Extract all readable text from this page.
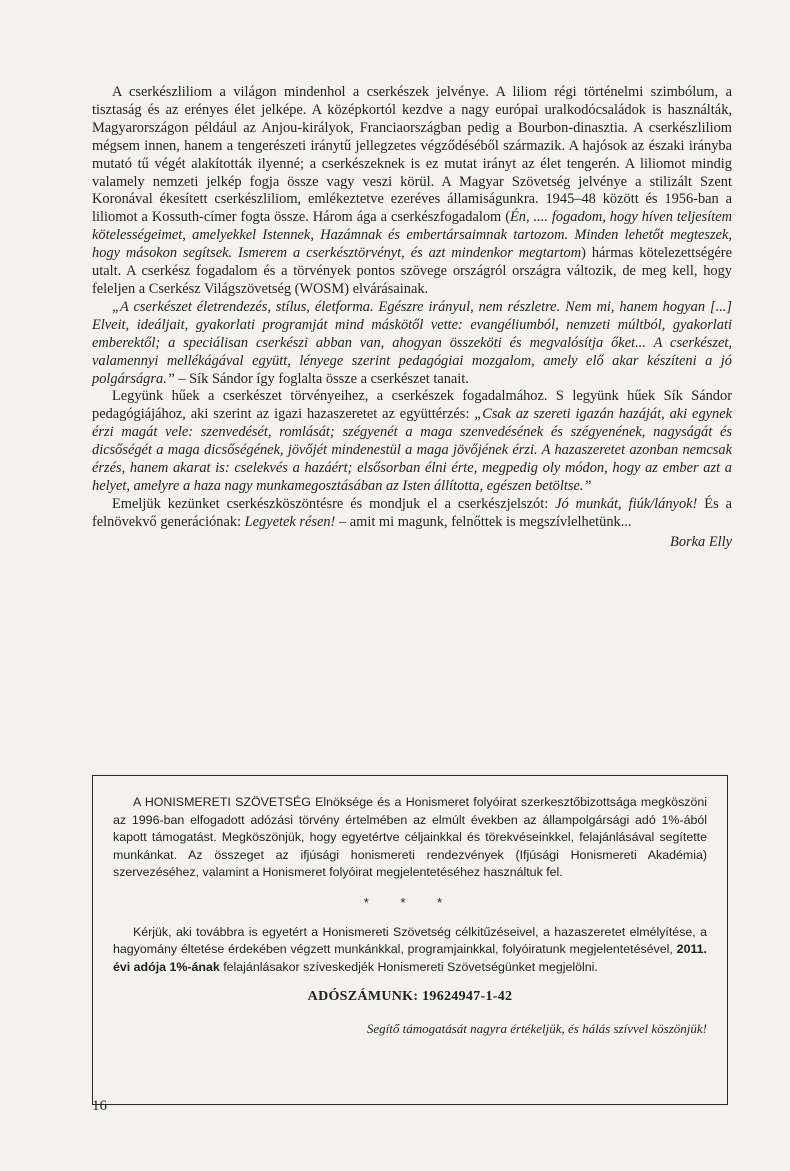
A cserkészliliom a világon mindenhol a cserkészek jelvénye. A liliom régi történelmi szimbólum, a tisztaság és az erényes élet jelképe. A középkortól kezdve a nagy európai uralkodócsaládok is használták, Magyarországon például az Anjou-királyok, Franciaországban pedig a Bourbon-dinasztia. A cserkészliliom mégsem innen, hanem a tengerészeti iránytű jellegzetes végződéséből származik. A hajósok az északi irányba mutató tű végét alakították ilyenné; a cserkészeknek is ez mutat irányt az élet tengerén. A liliomot mindig valamely nemzeti jelkép fogja össze vagy veszi körül. A Magyar Szövetség jelvénye a stilizált Szent Koronával ékesített cserkészliliom, emlékeztetve ezeréves államiságunkra. 1945–48 között és 1956-ban a liliomot a Kossuth-címer fogta össze. Három ága a cserkészfogadalom (Én, .... fogadom, hogy híven teljesítem kötelességeimet, amelyekkel Istennek, Hazámnak és embertársaimnak tartozom. Minden lehetőt megteszek, hogy másokon segítsek. Ismerem a cserkésztörvényt, és azt mindenkor megtartom) hármas kötelezettségére utalt. A cserkész fogadalom és a törvények pontos szövege országról országra változik, de meg kell, hogy feleljen a Cserkész Világszövetség (WOSM) elvárásainak.

„A cserkészet életrendezés, stílus, életforma. Egészre irányul, nem részletre. Nem mi, hanem hogyan [...] Elveit, ideáljait, gyakorlati programját mind máskötől vette: evangéliumból, nemzeti múltból, gyakorlati emberektől; a speciálisan cserkészi abban van, ahogyan összeköti és megvalósítja őket... A cserkészet, valamennyi mellékágával együtt, lényege szerint pedagógiai mozgalom, amely elő akar készíteni a jó polgárságra.” – Sík Sándor így foglalta össze a cserkészet tanait.

Legyünk hűek a cserkészet törvényeihez, a cserkészek fogadalmához. S legyünk hűek Sík Sándor pedagógiájához, aki szerint az igazi hazaszeretet az együttérzés: „Csak az szereti igazán hazáját, aki egynek érzi magát vele: szenvedését, romlását; szégyenét a maga szenvedésének és szégyenének, nagyságát és dicsőségét a maga dicsőségének, jövőjét mindenestül a maga jövőjének érzi. A hazaszeretet azonban nemcsak érzés, hanem akarat is: cselekvés a hazáért; elsősorban élni érte, megpedig oly módon, hogy az ember azt a helyet, amelyre a haza nagy munkamegosztásában az Isten állította, egészen betöltse.”

Emeljük kezünket cserkészköszöntésre és mondjuk el a cserkészjelszót: Jó munkát, fiúk/lányok! És a felnövekvő generációnak: Legyetek résen! – amit mi magunk, felnőttek is megszívlelhetünk...

Borka Elly

A HONISMERETI SZÖVETSÉG Elnöksége és a Honismeret folyóirat szerkesztőbizottsága megköszöni az 1996-ban elfogadott adózási törvény értelmében az elmúlt években az állampolgársági adó 1%-ából kapott támogatást. Megköszönjük, hogy egyetértve céljainkkal és törekvéseinkkel, felajánlásával segítette munkánkat. Az összeget az ifjúsági honismereti rendezvények (Ifjúsági Honismereti Akadémia) szervezéséhez, valamint a Honismeret folyóirat megjelentetéséhez használtuk fel.

* * *

Kérjük, aki továbbra is egyetért a Honismereti Szövetség célkitűzéseivel, a hazaszeretet elmélyítése, a hagyomány éltetése érdekében végzett munkánkkal, programjainkkal, folyóiratunk megjelentetésével, 2011. évi adója 1%-ának felajánlásakor szíveskedjék Honismereti Szövetségünket megjelölni.

ADÓSZÁMUNK: 19624947-1-42
Segítő támogatását nagyra értékeljük, és hálás szívvel köszönjük!
16
